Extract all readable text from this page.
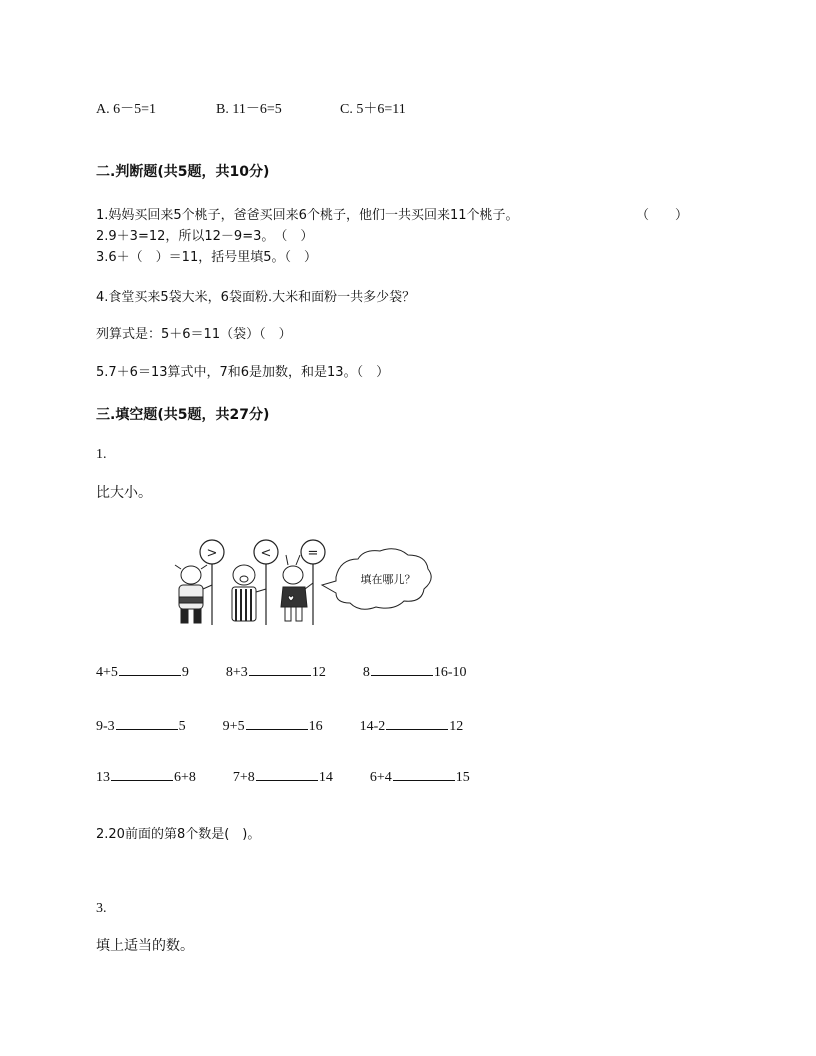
A. 6－5=1	B. 11－6=5	C. 5＋6=11
二.判断题(共5题，共10分)
1.妈妈买回来5个桃子，爸爸买回来6个桃子，他们一共买回来11个桃子。	（　　）
2.9＋3=12，所以12－9=3。　（　）
3.6＋（　）＝11，括号里填5。（　）
4.食堂买来5袋大米，6袋面粉.大米和面粉一共多少袋？
列算式是：5＋6＝11（袋）（　）
5.7＋6＝13算式中，7和6是加数，和是13。（　）
三.填空题(共5题，共27分)
1.
比大小。
>	<	=
填在哪儿？
4+5	9	8+3	12	8	16-10
9-3	5	9+5	16	14-2	12
13	6+8	7+8	14	6+4	15
2.20前面的第8个数是(　)。
3.
填上适当的数。
